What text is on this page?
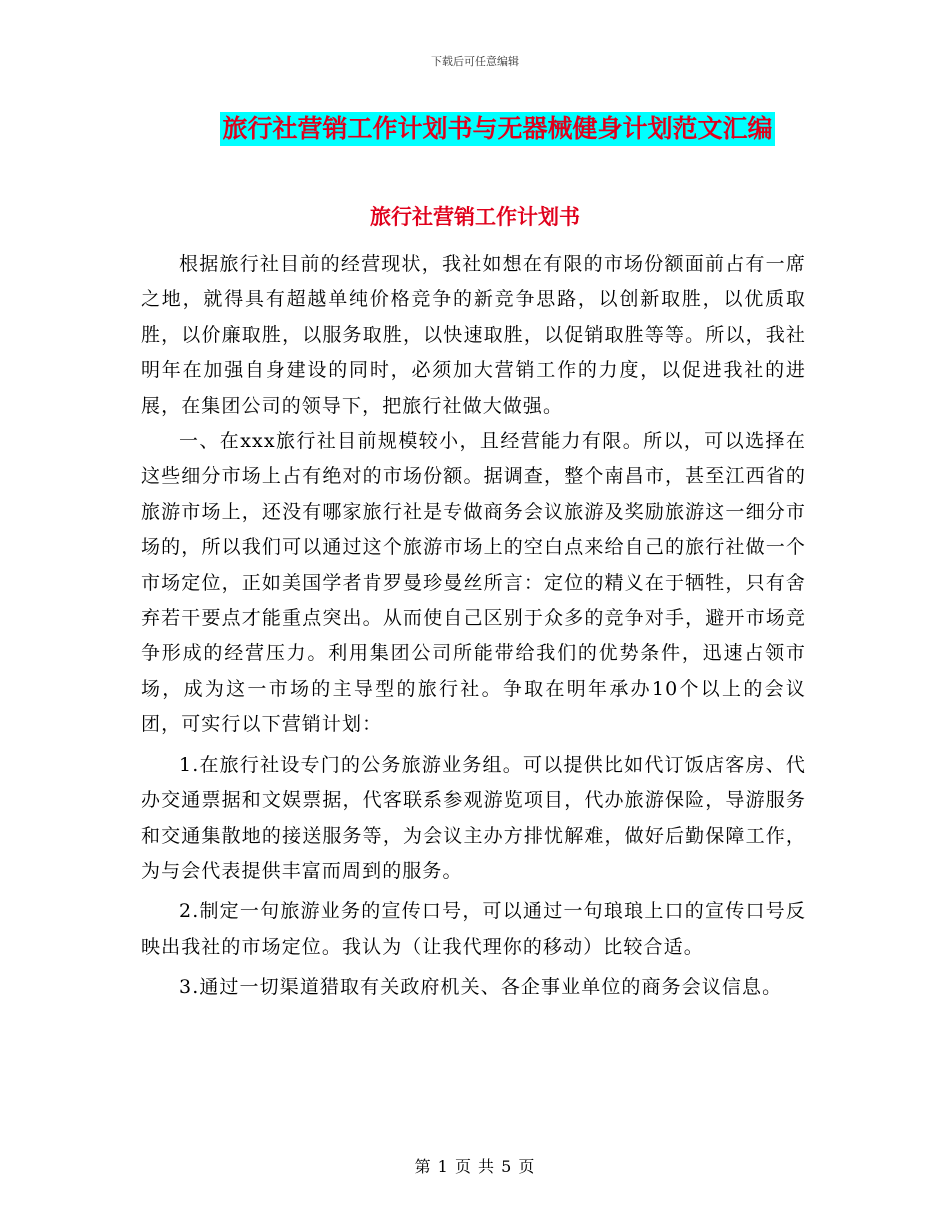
下载后可任意编辑
旅行社营销工作计划书与无器械健身计划范文汇编
旅行社营销工作计划书

根据旅行社目前的经营现状，我社如想在有限的市场份额面前占有一席之地，就得具有超越单纯价格竞争的新竞争思路，以创新取胜，以优质取胜，以价廉取胜，以服务取胜，以快速取胜，以促销取胜等等。所以，我社明年在加强自身建设的同时，必须加大营销工作的力度，以促进我社的进展，在集团公司的领导下，把旅行社做大做强。

一、在xxx旅行社目前规模较小，且经营能力有限。所以，可以选择在这些细分市场上占有绝对的市场份额。据调查，整个南昌市，甚至江西省的旅游市场上，还没有哪家旅行社是专做商务会议旅游及奖励旅游这一细分市场的，所以我们可以通过这个旅游市场上的空白点来给自己的旅行社做一个市场定位，正如美国学者肯罗曼珍曼丝所言：定位的精义在于牺牲，只有舍弃若干要点才能重点突出。从而使自己区别于众多的竞争对手，避开市场竞争形成的经营压力。利用集团公司所能带给我们的优势条件，迅速占领市场，成为这一市场的主导型的旅行社。争取在明年承办10个以上的会议团，可实行以下营销计划：

1.在旅行社设专门的公务旅游业务组。可以提供比如代订饭店客房、代办交通票据和文娱票据，代客联系参观游览项目，代办旅游保险，导游服务和交通集散地的接送服务等，为会议主办方排忧解难，做好后勤保障工作，为与会代表提供丰富而周到的服务。

2.制定一句旅游业务的宣传口号，可以通过一句琅琅上口的宣传口号反映出我社的市场定位。我认为（让我代理你的移动）比较合适。

3.通过一切渠道猎取有关政府机关、各企事业单位的商务会议信息。

第 1 页 共 5 页
